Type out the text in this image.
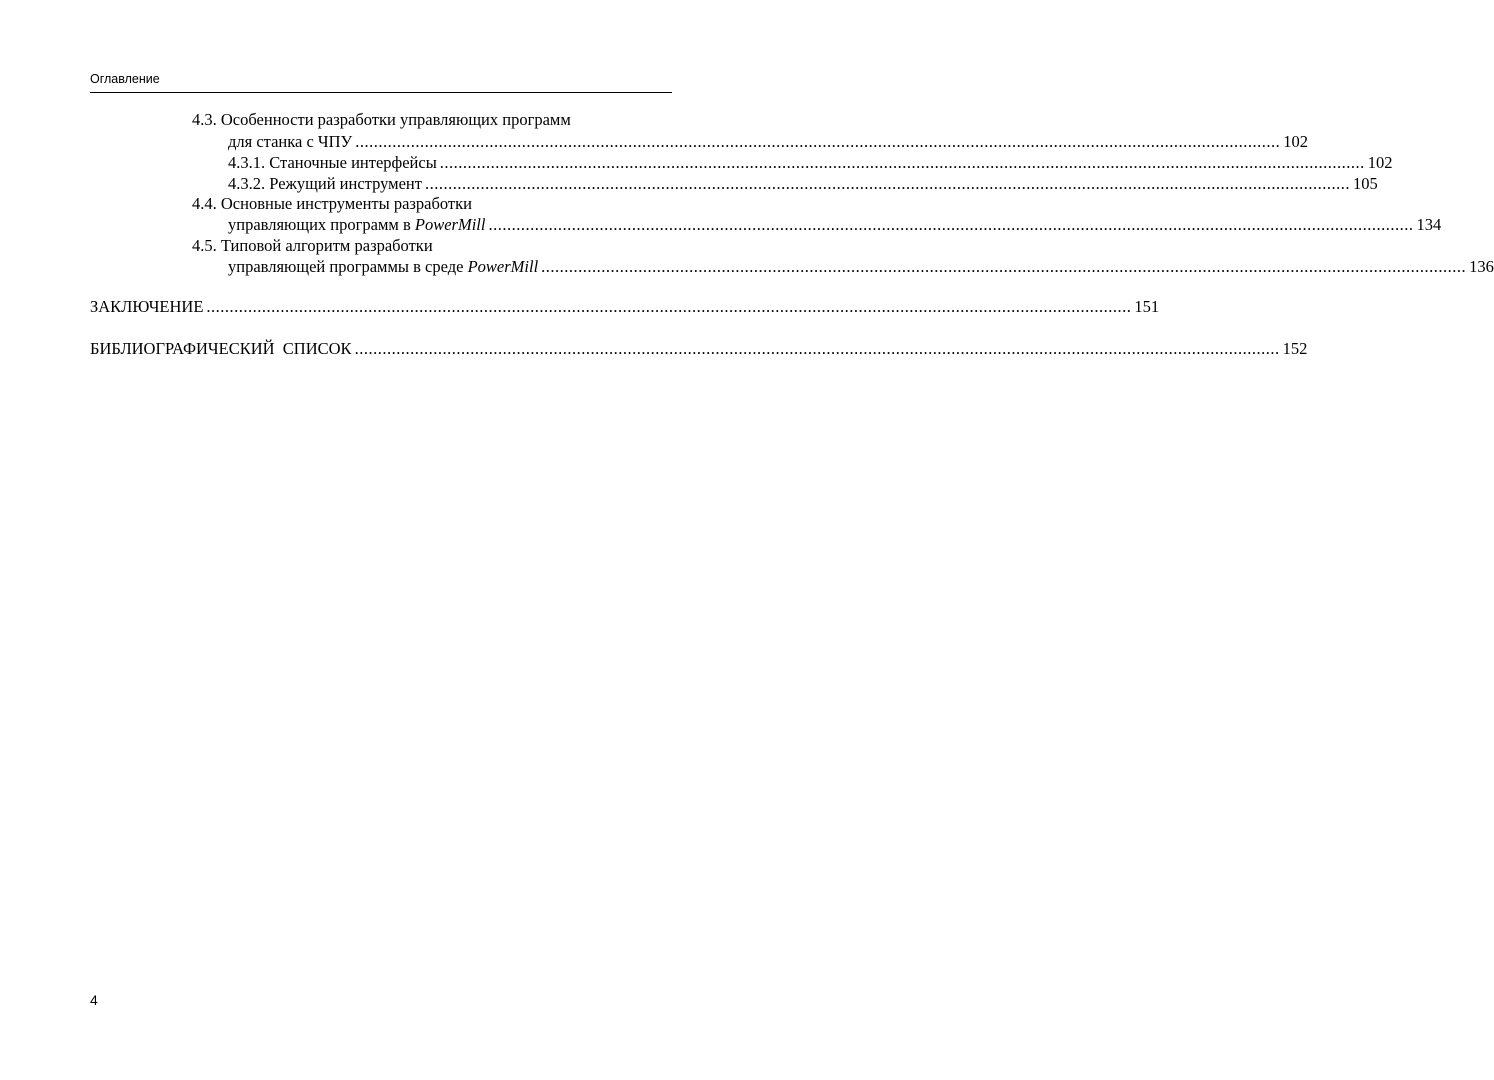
Оглавление
4.3. Особенности разработки управляющих программ
для станка с ЧПУ ........................................................................................................................................................................................................ 102
4.3.1. Станочные интерфейсы ........................................................................................................................................................................................................ 102
4.3.2. Режущий инструмент ........................................................................................................................................................................................................ 105
4.4. Основные инструменты разработки
управляющих программ в PowerMill ........................................................................................................................................................................................................ 134
4.5. Типовой алгоритм разработки
управляющей программы в среде PowerMill ........................................................................................................................................................................................................ 136
ЗАКЛЮЧЕНИЕ ........................................................................................................................................................................................................ 151
БИБЛИОГРАФИЧЕСКИЙ  СПИСОК ........................................................................................................................................................................................................ 152
4
